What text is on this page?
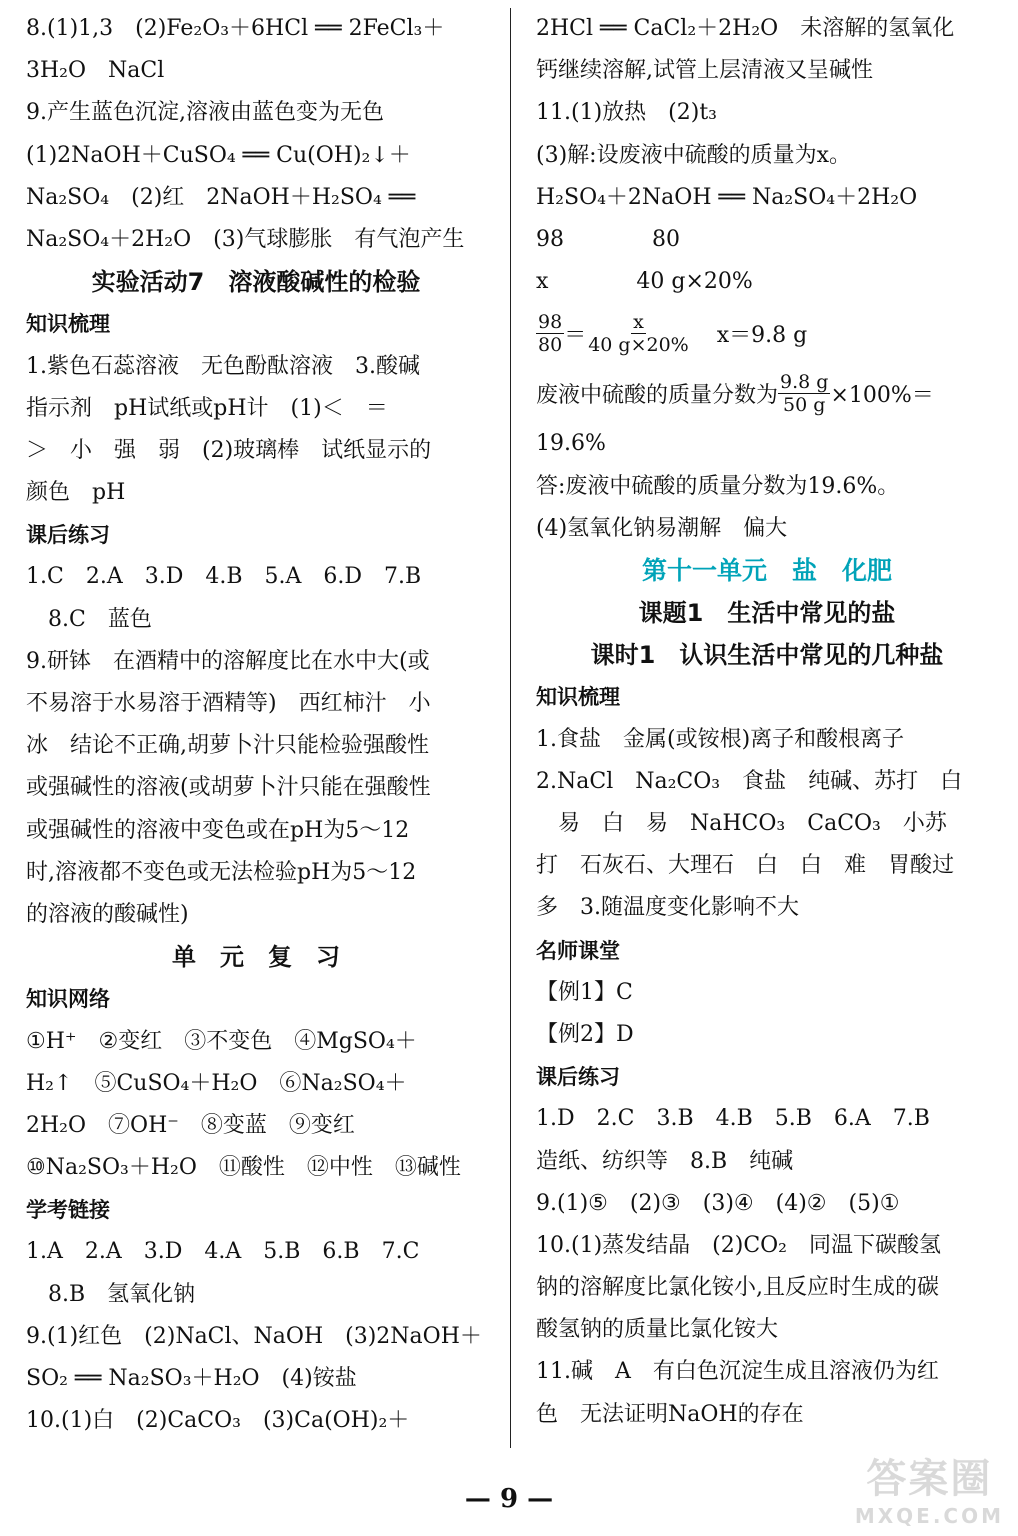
8.(1)1,3　(2)Fe₂O₃＋6HCl ══ 2FeCl₃＋
3H₂O　NaCl
9.产生蓝色沉淀,溶液由蓝色变为无色
(1)2NaOH＋CuSO₄ ══ Cu(OH)₂↓＋
Na₂SO₄　(2)红　2NaOH＋H₂SO₄ ══
Na₂SO₄＋2H₂O　(3)气球膨胀　有气泡产生
实验活动7　溶液酸碱性的检验
知识梳理
1.紫色石蕊溶液　无色酚酞溶液　3.酸碱
指示剂　pH试纸或pH计　(1)＜　＝
＞　小　强　弱　(2)玻璃棒　试纸显示的
颜色　pH
课后练习
1.C　2.A　3.D　4.B　5.A　6.D　7.B
8.C　蓝色
9.研钵　在酒精中的溶解度比在水中大(或
不易溶于水易溶于酒精等)　西红柿汁　小
冰　结论不正确,胡萝卜汁只能检验强酸性
或强碱性的溶液(或胡萝卜汁只能在强酸性
或强碱性的溶液中变色或在pH为5～12
时,溶液都不变色或无法检验pH为5～12
的溶液的酸碱性)
单　元　复　习
知识网络
①H⁺　②变红　③不变色　④MgSO₄＋
H₂↑　⑤CuSO₄＋H₂O　⑥Na₂SO₄＋
2H₂O　⑦OH⁻　⑧变蓝　⑨变红
⑩Na₂SO₃＋H₂O　⑪酸性　⑫中性　⑬碱性
学考链接
1.A　2.A　3.D　4.A　5.B　6.B　7.C
8.B　氢氧化钠
9.(1)红色　(2)NaCl、NaOH　(3)2NaOH＋
SO₂ ══ Na₂SO₃＋H₂O　(4)铵盐
10.(1)白　(2)CaCO₃　(3)Ca(OH)₂＋
2HCl ══ CaCl₂＋2H₂O　未溶解的氢氧化
钙继续溶解,试管上层清液又呈碱性
11.(1)放热　(2)t₃
(3)解:设废液中硫酸的质量为x。
H₂SO₄＋2NaOH ══ Na₂SO₄＋2H₂O
98　　　　80
x　　　　40 g×20%
$\frac{98}{80} = \frac{x}{40 g\times 20\%}$	x＝9.8 g
废液中硫酸的质量分数为 $\frac{9.8 g}{50 g} \times 100\%=$
19.6%
答:废液中硫酸的质量分数为19.6%。
(4)氢氧化钠易潮解　偏大
第十一单元　盐　化肥
课题1　生活中常见的盐
课时1　认识生活中常见的几种盐
知识梳理
1.食盐　金属(或铵根)离子和酸根离子
2.NaCl　Na₂CO₃　食盐　纯碱、苏打　白
易　白　易　NaHCO₃　CaCO₃　小苏
打　石灰石、大理石　白　白　难　胃酸过
多　3.随温度变化影响不大
名师课堂
【例1】C
【例2】D
课后练习
1.D　2.C　3.B　4.B　5.B　6.A　7.B
造纸、纺织等　8.B　纯碱
9.(1)⑤　(2)③　(3)④　(4)②　(5)①
10.(1)蒸发结晶　(2)CO₂　同温下碳酸氢
钠的溶解度比氯化铵小,且反应时生成的碳
酸氢钠的质量比氯化铵大
11.碱　A　有白色沉淀生成且溶液仍为红
色　无法证明NaOH的存在
— 9 —	答案圈
MXQE.COM
